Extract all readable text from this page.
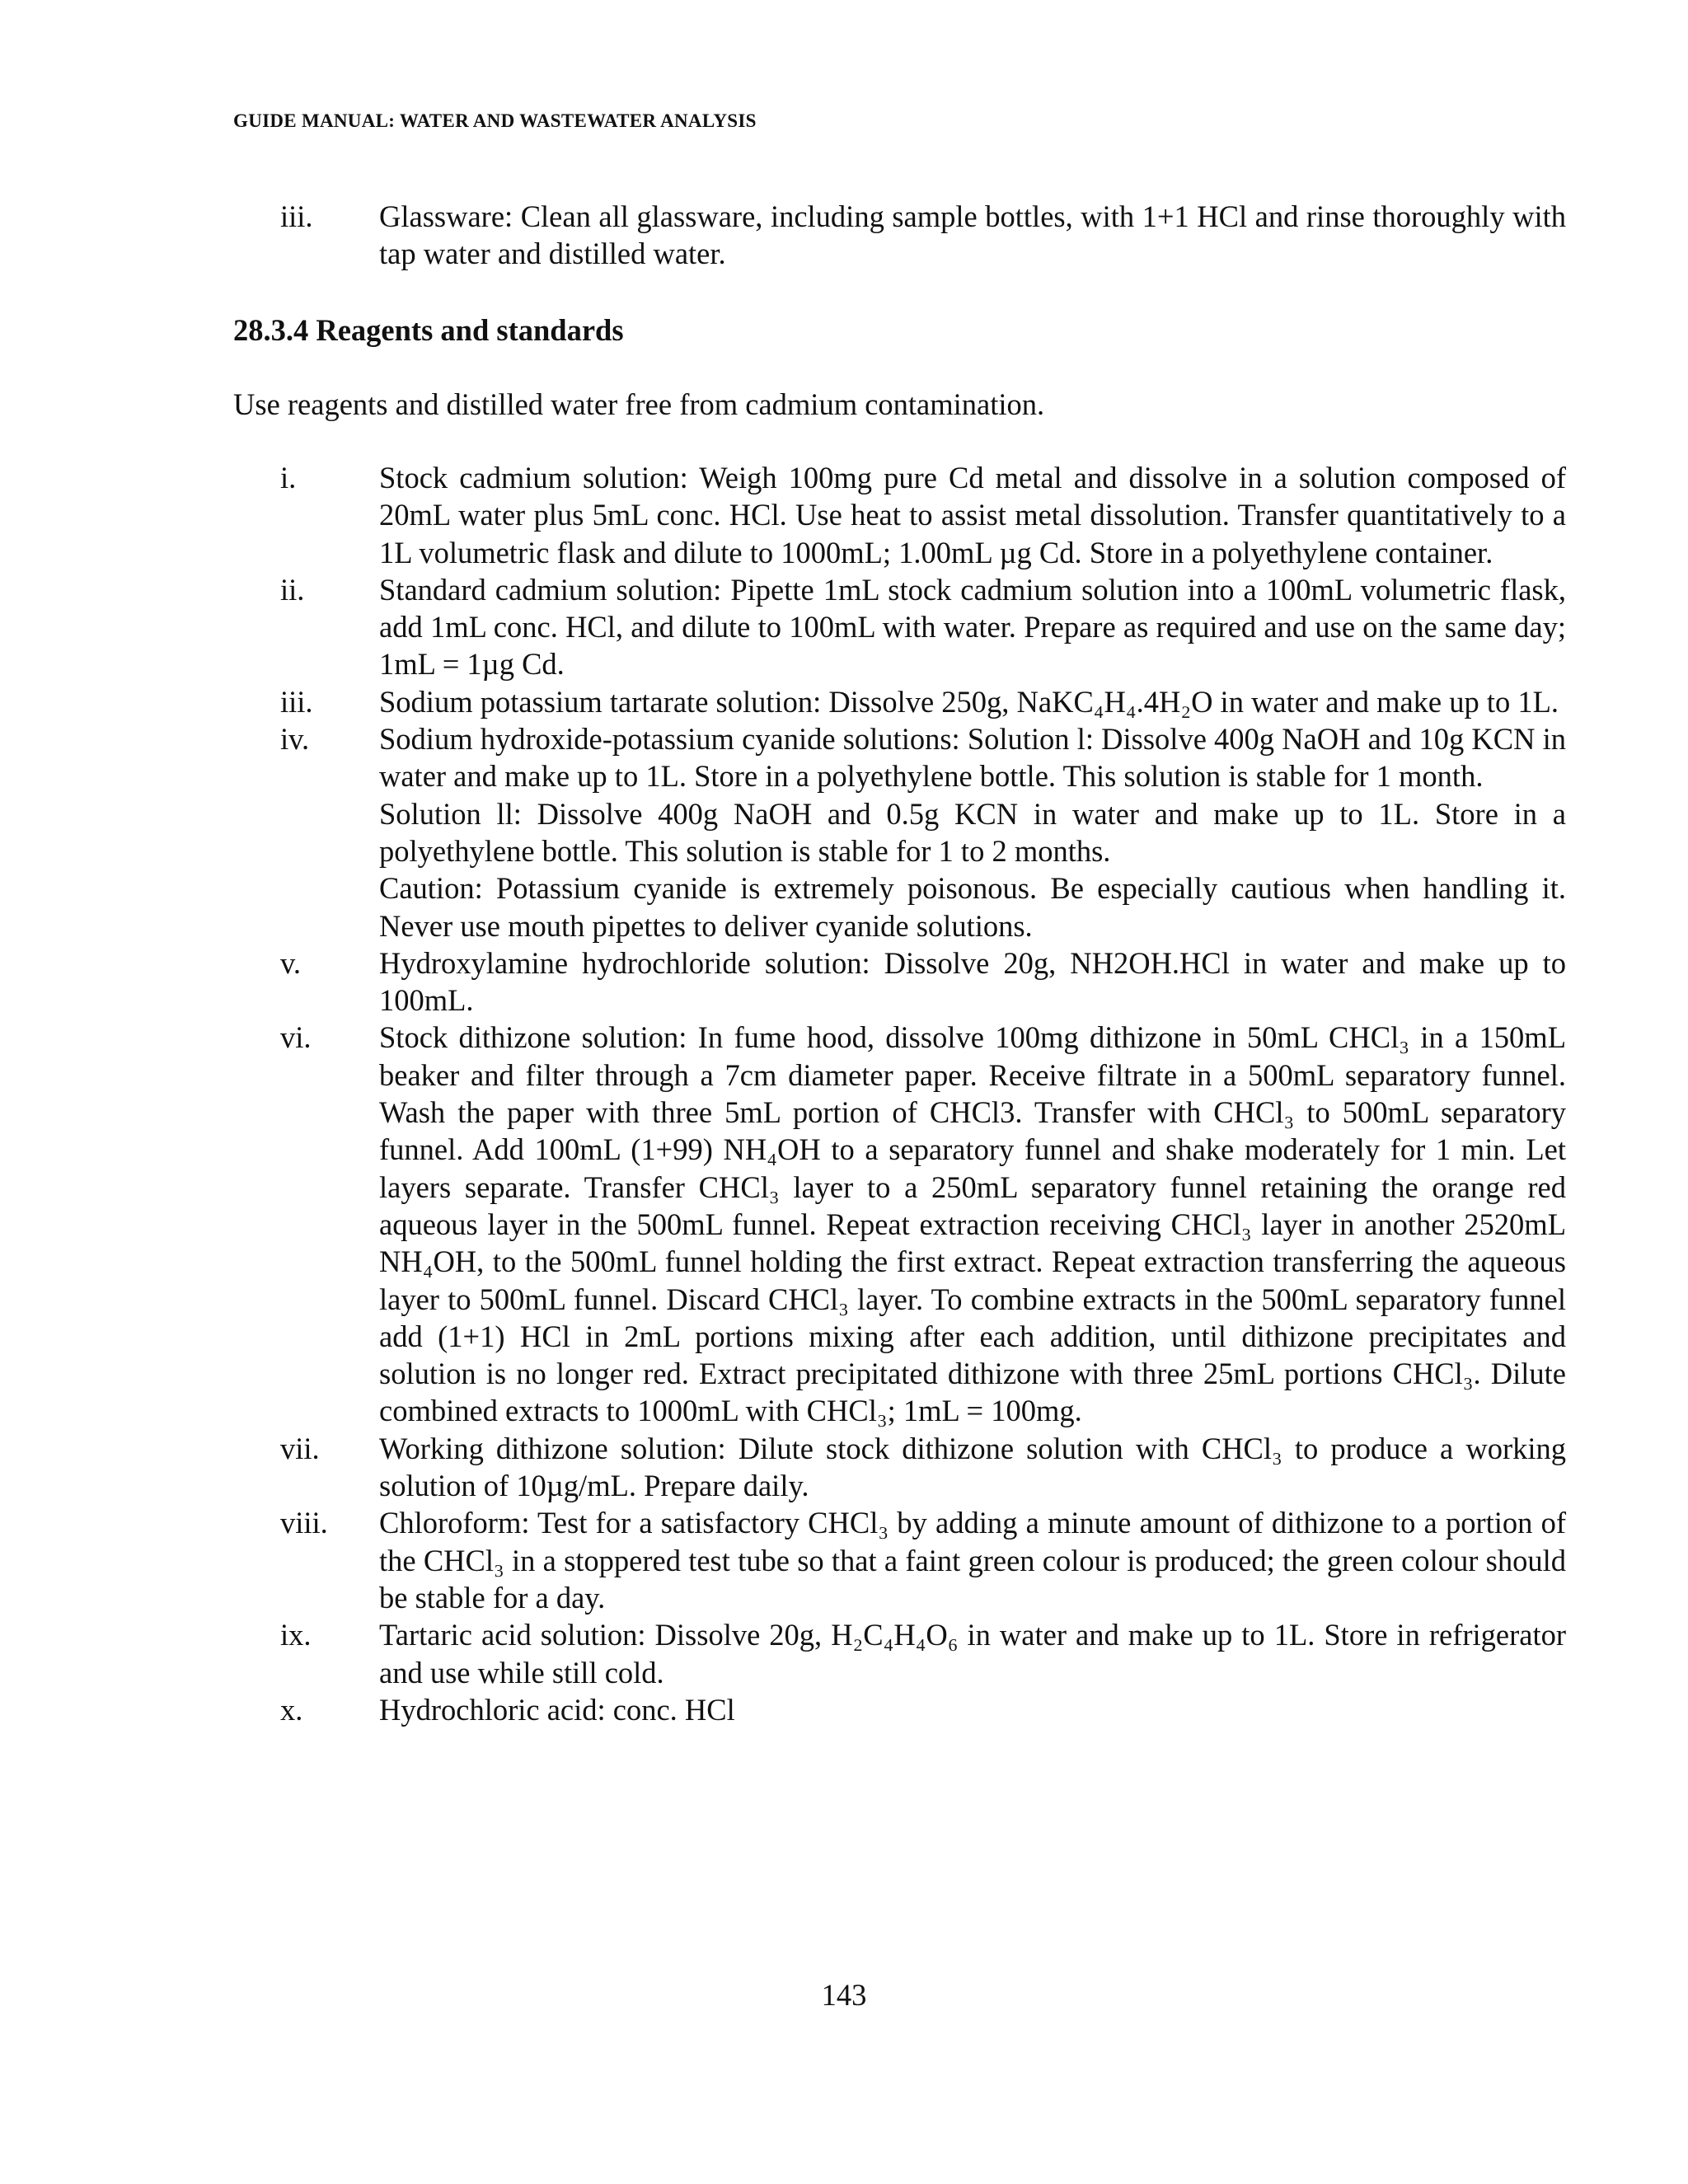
GUIDE MANUAL: WATER AND WASTEWATER ANALYSIS
iii.	Glassware: Clean all glassware, including sample bottles, with 1+1 HCl and rinse thoroughly with tap water and distilled water.
28.3.4 Reagents and standards
Use reagents and distilled water free from cadmium contamination.
i.	Stock cadmium solution: Weigh 100mg pure Cd metal and dissolve in a solution composed of 20mL water plus 5mL conc. HCl. Use heat to assist metal dissolution. Transfer quantitatively to a 1L volumetric flask and dilute to 1000mL; 1.00mL µg Cd. Store in a polyethylene container.

ii.	Standard cadmium solution: Pipette 1mL stock cadmium solution into a 100mL volumetric flask, add 1mL conc. HCl, and dilute to 100mL with water. Prepare as required and use on the same day; 1mL = 1µg Cd.

iii.	Sodium potassium tartarate solution: Dissolve 250g, NaKC₄H₄.4H₂O in water and make up to 1L.

iv.	Sodium hydroxide-potassium cyanide solutions: Solution l: Dissolve 400g NaOH and 10g KCN in water and make up to 1L. Store in a polyethylene bottle. This solution is stable for 1 month.

Solution ll: Dissolve 400g NaOH and 0.5g KCN in water and make up to 1L. Store in a polyethylene bottle. This solution is stable for 1 to 2 months.

Caution: Potassium cyanide is extremely poisonous. Be especially cautious when handling it. Never use mouth pipettes to deliver cyanide solutions.

v.	Hydroxylamine hydrochloride solution: Dissolve 20g, NH2OH.HCl in water and make up to 100mL.

vi.	Stock dithizone solution: In fume hood, dissolve 100mg dithizone in 50mL CHCl₃ in a 150mL beaker and filter through a 7cm diameter paper. Receive filtrate in a 500mL separatory funnel. Wash the paper with three 5mL portion of CHCl3. Transfer with CHCl₃ to 500mL separatory funnel. Add 100mL (1+99) NH₄OH to a separatory funnel and shake moderately for 1 min. Let layers separate. Transfer CHCl₃ layer to a 250mL separatory funnel retaining the orange red aqueous layer in the 500mL funnel. Repeat extraction receiving CHCl₃ layer in another 2520mL NH₄OH, to the 500mL funnel holding the first extract. Repeat extraction transferring the aqueous layer to 500mL funnel. Discard CHCl₃ layer. To combine extracts in the 500mL separatory funnel add (1+1) HCl in 2mL portions mixing after each addition, until dithizone precipitates and solution is no longer red. Extract precipitated dithizone with three 25mL portions CHCl₃. Dilute combined extracts to 1000mL with CHCl₃; 1mL = 100mg.

vii.	Working dithizone solution: Dilute stock dithizone solution with CHCl₃ to produce a working solution of 10µg/mL. Prepare daily.

viii.	Chloroform: Test for a satisfactory CHCl₃ by adding a minute amount of dithizone to a portion of the CHCl₃ in a stoppered test tube so that a faint green colour is produced; the green colour should be stable for a day.

ix.	Tartaric acid solution: Dissolve 20g, H₂C₄H₄O₆ in water and make up to 1L. Store in refrigerator and use while still cold.

x.	Hydrochloric acid: conc. HCl

143
